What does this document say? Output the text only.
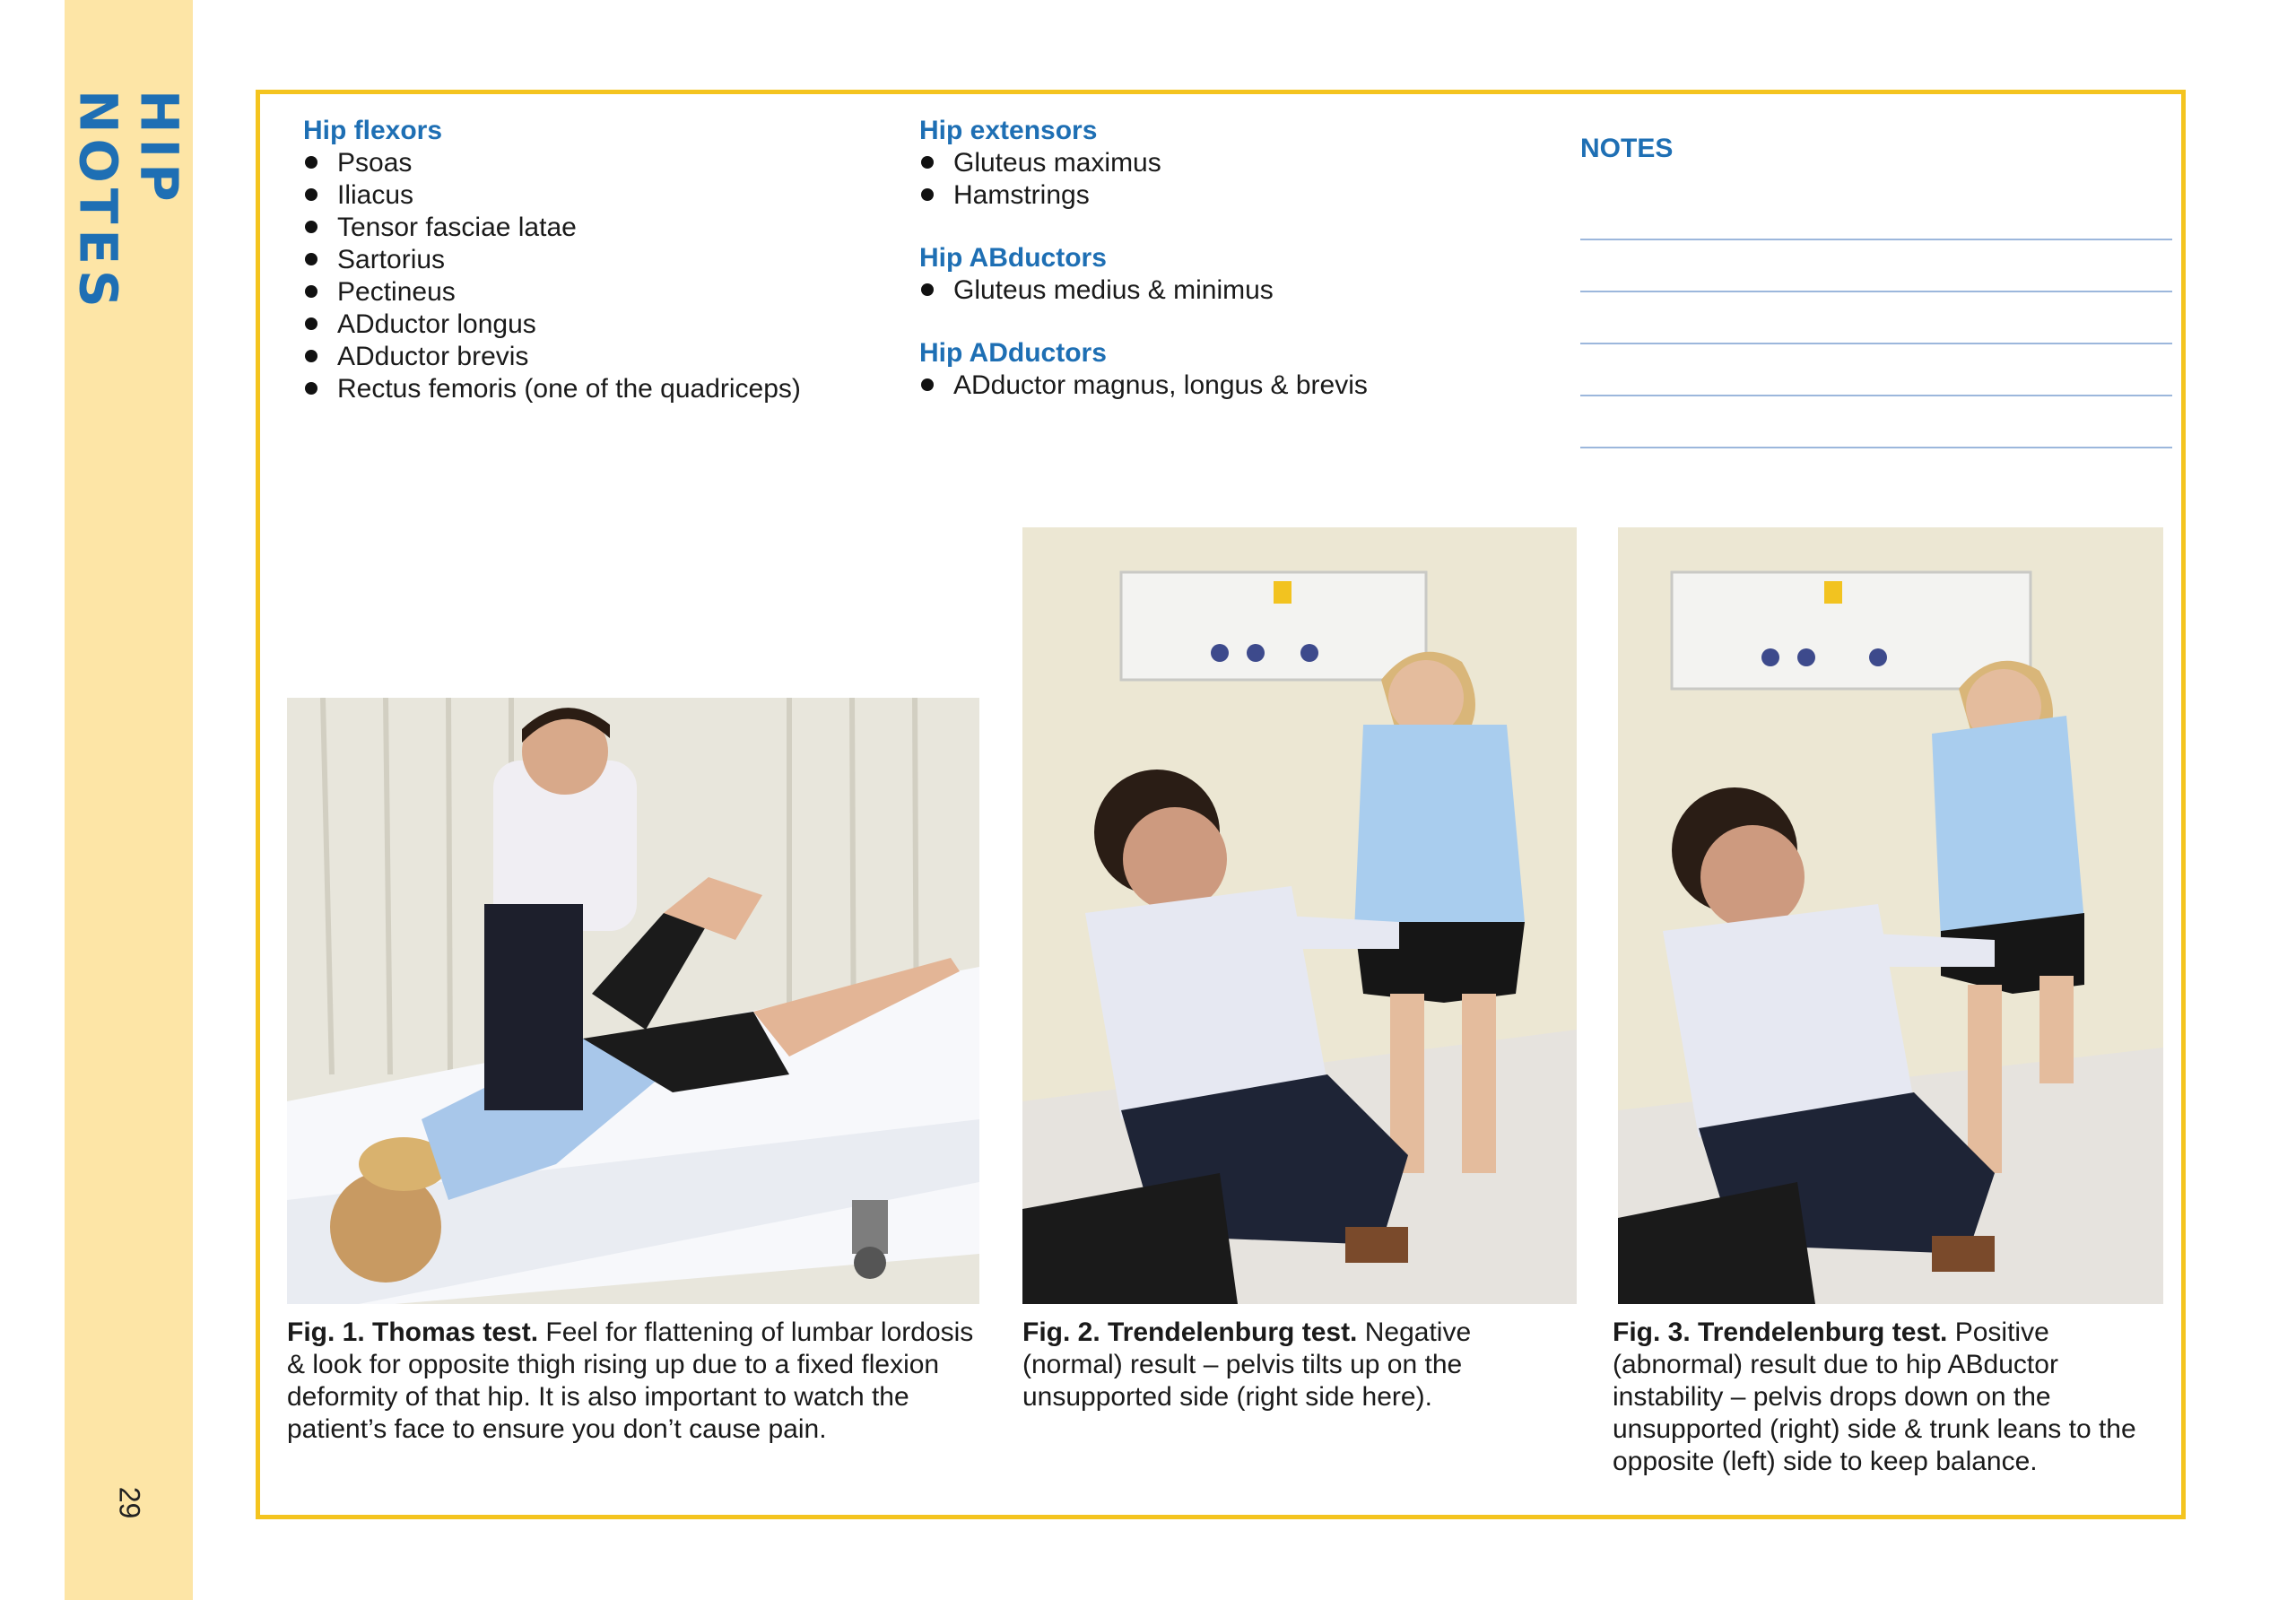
HIP NOTES
29
Hip flexors
Psoas
Iliacus
Tensor fasciae latae
Sartorius
Pectineus
ADductor longus
ADductor brevis
Rectus femoris (one of the quadriceps)
Hip extensors
Gluteus maximus
Hamstrings
Hip ABductors
Gluteus medius & minimus
Hip ADductors
ADductor magnus, longus & brevis
NOTES

Fig. 1. Thomas test. Feel for flattening of lumbar lordosis & look for opposite thigh rising up due to a fixed flexion deformity of that hip. It is also important to watch the patient’s face to ensure you don’t cause pain.

Fig. 2. Trendelenburg test. Negative (normal) result – pelvis tilts up on the unsupported side (right side here).

Fig. 3. Trendelenburg test. Positive (abnormal) result due to hip ABductor instability – pelvis drops down on the unsupported (right) side & trunk leans to the opposite (left) side to keep balance.
